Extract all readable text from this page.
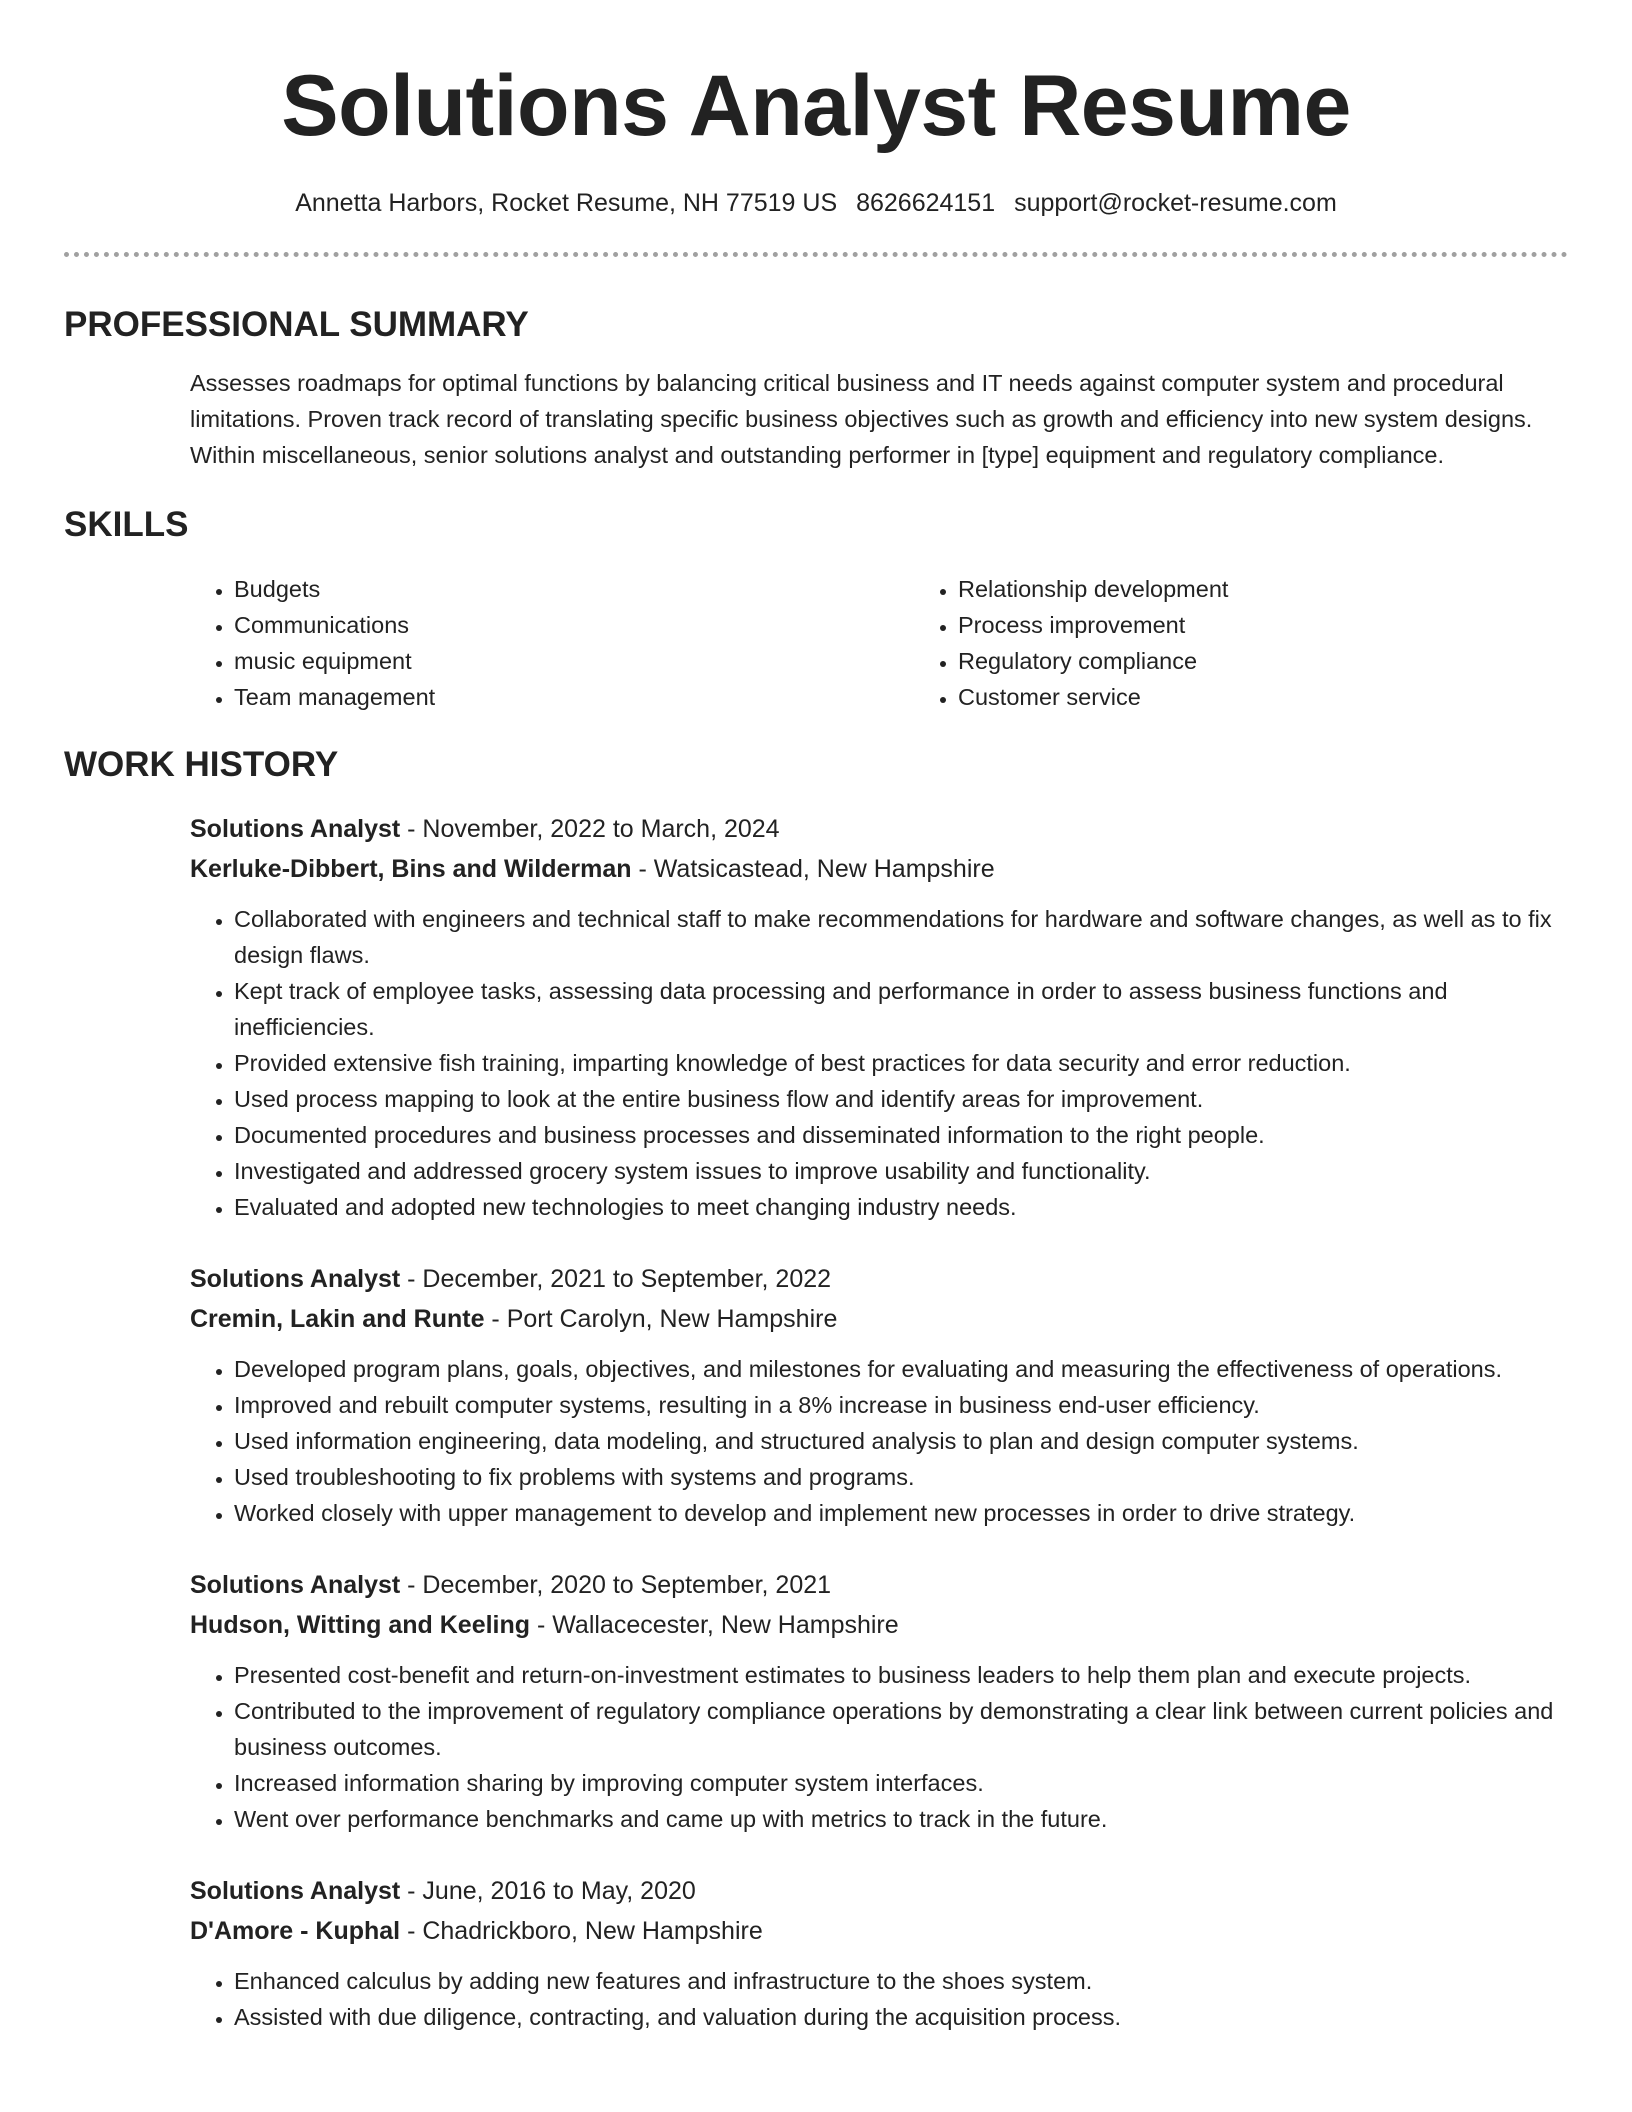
Solutions Analyst Resume
Annetta Harbors, Rocket Resume, NH 77519 US 8626624151 support@rocket-resume.com
PROFESSIONAL SUMMARY

Assesses roadmaps for optimal functions by balancing critical business and IT needs against computer system and procedural limitations. Proven track record of translating specific business objectives such as growth and efficiency into new system designs. Within miscellaneous, senior solutions analyst and outstanding performer in [type] equipment and regulatory compliance.

SKILLS
• Budgets
• Communications
• music equipment
• Team management
• Relationship development
• Process improvement
• Regulatory compliance
• Customer service
WORK HISTORY
Solutions Analyst - November, 2022 to March, 2024
Kerluke-Dibbert, Bins and Wilderman - Watsicastead, New Hampshire
• Collaborated with engineers and technical staff to make recommendations for hardware and software changes, as well as to fix design flaws.
• Kept track of employee tasks, assessing data processing and performance in order to assess business functions and inefficiencies.
• Provided extensive fish training, imparting knowledge of best practices for data security and error reduction.
• Used process mapping to look at the entire business flow and identify areas for improvement.
• Documented procedures and business processes and disseminated information to the right people.
• Investigated and addressed grocery system issues to improve usability and functionality.
• Evaluated and adopted new technologies to meet changing industry needs.
Solutions Analyst - December, 2021 to September, 2022
Cremin, Lakin and Runte - Port Carolyn, New Hampshire
• Developed program plans, goals, objectives, and milestones for evaluating and measuring the effectiveness of operations.
• Improved and rebuilt computer systems, resulting in a 8% increase in business end-user efficiency.
• Used information engineering, data modeling, and structured analysis to plan and design computer systems.
• Used troubleshooting to fix problems with systems and programs.
• Worked closely with upper management to develop and implement new processes in order to drive strategy.
Solutions Analyst - December, 2020 to September, 2021
Hudson, Witting and Keeling - Wallacecester, New Hampshire
• Presented cost-benefit and return-on-investment estimates to business leaders to help them plan and execute projects.
• Contributed to the improvement of regulatory compliance operations by demonstrating a clear link between current policies and business outcomes.
• Increased information sharing by improving computer system interfaces.
• Went over performance benchmarks and came up with metrics to track in the future.
Solutions Analyst - June, 2016 to May, 2020
D'Amore - Kuphal - Chadrickboro, New Hampshire
• Enhanced calculus by adding new features and infrastructure to the shoes system.
• Assisted with due diligence, contracting, and valuation during the acquisition process.
